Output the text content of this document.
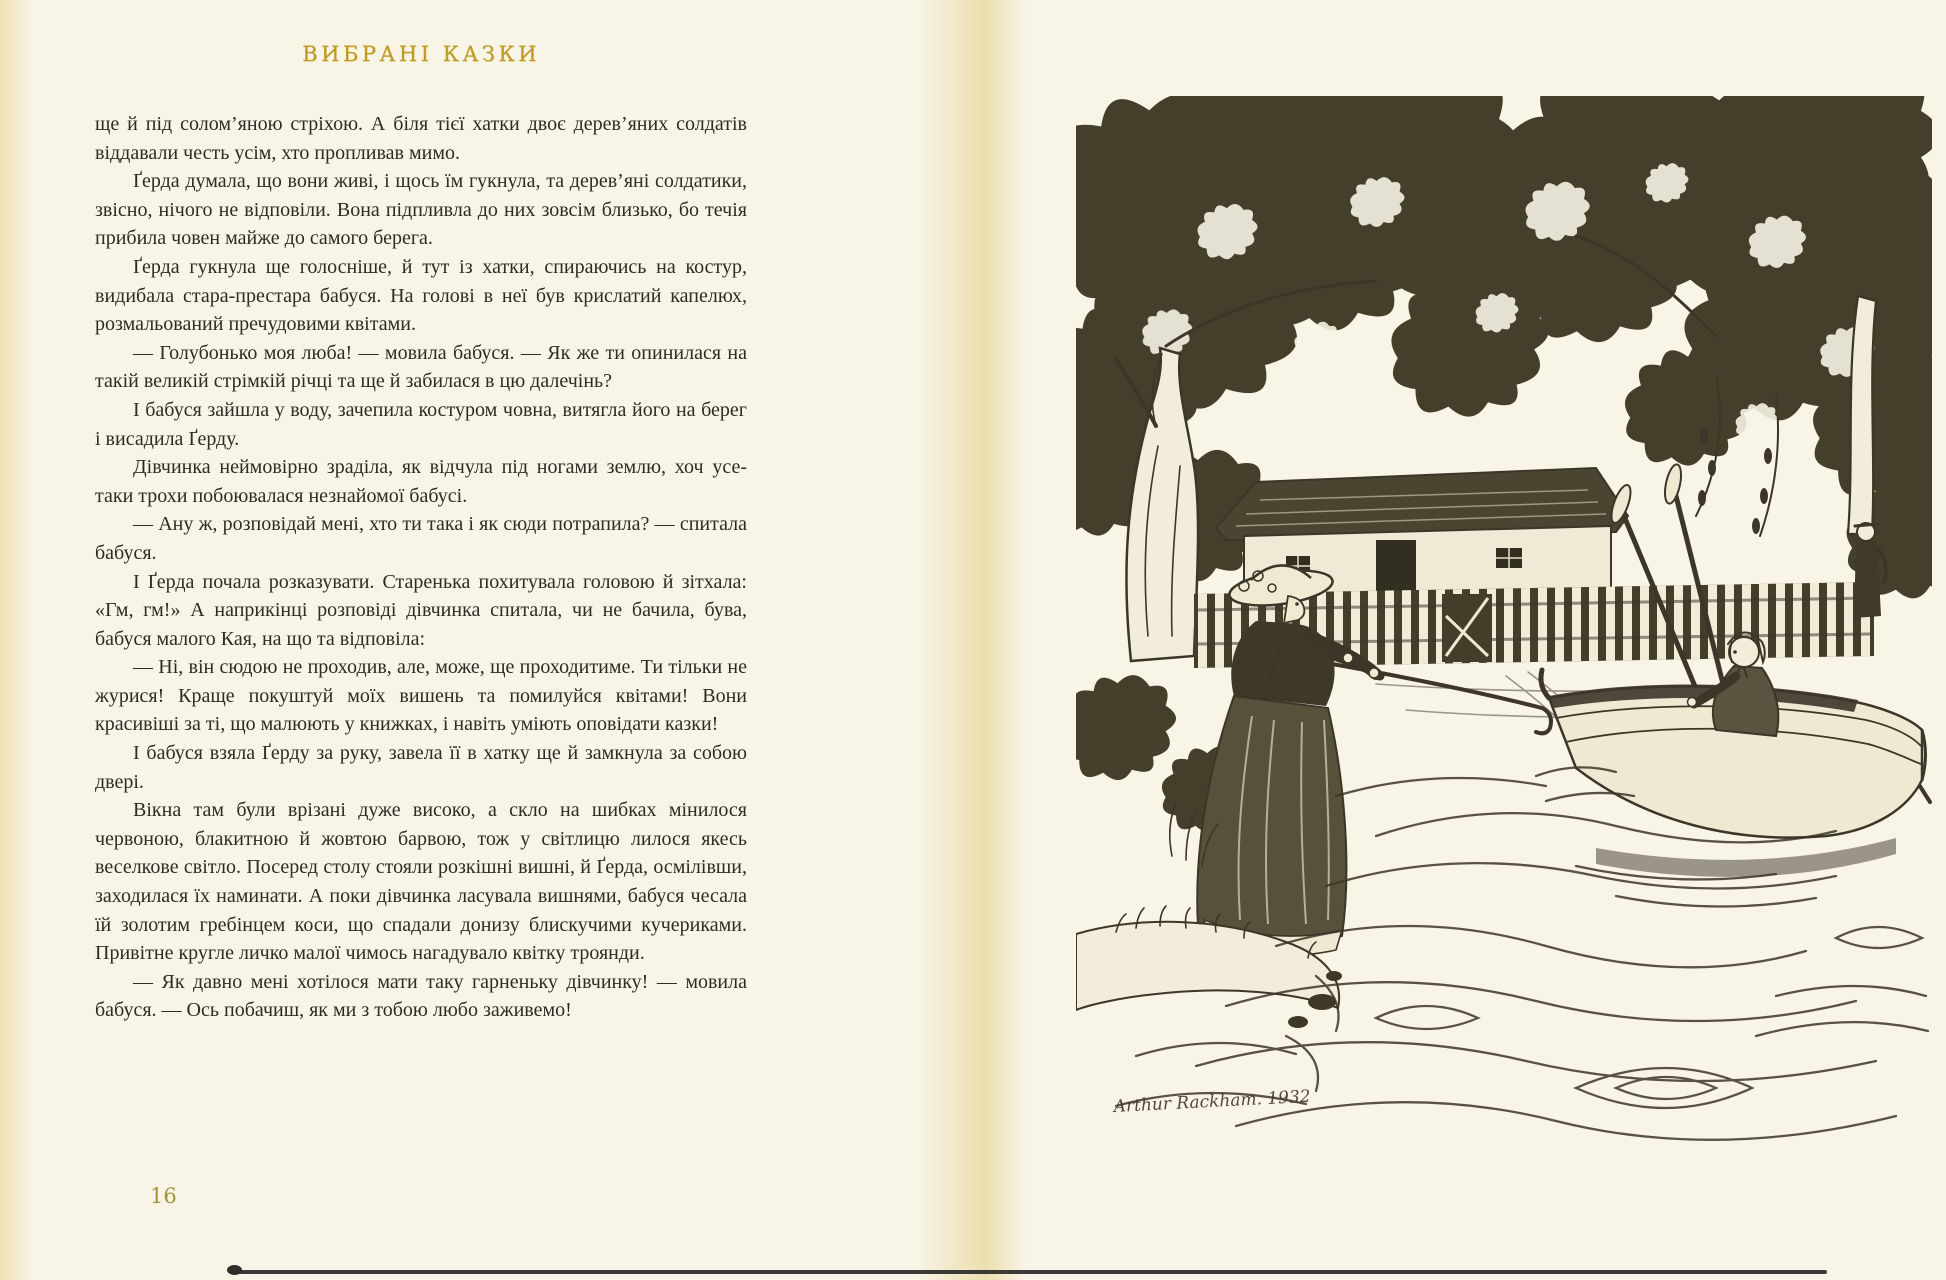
ВИБРАНІ КАЗКИ

ще й під солом’яною стріхою. А біля тієї хатки двоє дерев’яних солдатів віддавали честь усім, хто пропливав мимо.

Ґерда думала, що вони живі, і щось їм гукнула, та дерев’яні солдатики, звісно, нічого не відповіли. Вона підпливла до них зовсім близько, бо течія прибила човен майже до самого берега.

Ґерда гукнула ще голосніше, й тут із хатки, спираючись на костур, видибала стара-престара бабуся. На голові в неї був крислатий капелюх, розмальований пречудовими квітами.

— Голубонько моя люба! — мовила бабуся. — Як же ти опинилася на такій великій стрімкій річці та ще й забилася в цю далечінь?

І бабуся зайшла у воду, зачепила костуром човна, витягла його на берег і висадила Ґерду.

Дівчинка неймовірно зраділа, як відчула під ногами землю, хоч усе-таки трохи побоювалася незнайомої бабусі.

— Ану ж, розповідай мені, хто ти така і як сюди потрапила? — спитала бабуся.

І Ґерда почала розказувати. Старенька похитувала головою й зітхала: «Гм, гм!» А наприкінці розповіді дівчинка спитала, чи не бачила, бува, бабуся малого Кая, на що та відповіла:

— Ні, він сюдою не проходив, але, може, ще проходитиме. Ти тільки не журися! Краще покуштуй моїх вишень та помилуйся квітами! Вони красивіші за ті, що малюють у книжках, і навіть уміють оповідати казки!

І бабуся взяла Ґерду за руку, завела її в хатку ще й замкнула за собою двері.

Вікна там були врізані дуже високо, а скло на шибках мінилося червоною, блакитною й жовтою барвою, тож у світлицю лилося якесь веселкове світло. Посеред столу стояли розкішні вишні, й Ґерда, осмілівши, заходилася їх наминати. А поки дівчинка ласувала вишнями, бабуся чесала їй золотим гребінцем коси, що спадали донизу блискучими кучериками. Привітне кругле личко малої чимось нагадувало квітку троянди.

— Як давно мені хотілося мати таку гарненьку дівчинку! — мовила бабуся. — Ось побачиш, як ми з тобою любо заживемо!

16
Arthur Rackham. 1932
